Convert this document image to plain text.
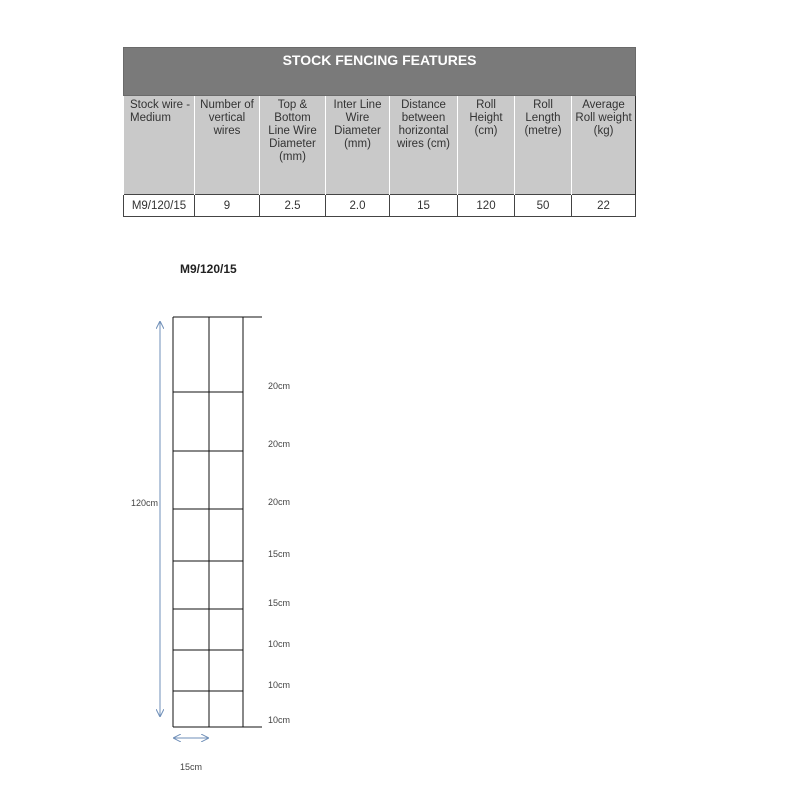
STOCK FENCING FEATURES							
Stock wire - Medium	Number of vertical wires	Top & Bottom Line Wire Diameter (mm)	Inter Line Wire Diameter (mm)	Distance between horizontal wires (cm)	Roll Height (cm)	Roll Length (metre)	Average Roll weight (kg)
M9/120/15	9	2.5	2.0	15	120	50	22
M9/120/15
120cm
15cm
20cm
20cm
20cm
15cm
15cm
10cm
10cm
10cm
